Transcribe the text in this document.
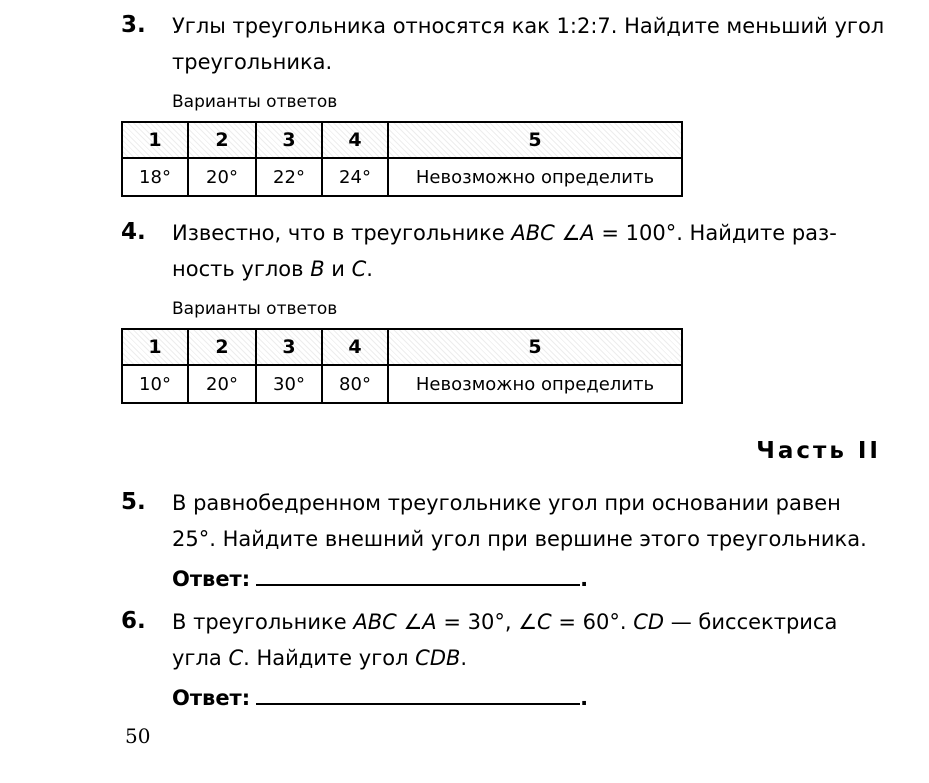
3. Углы треугольника относятся как 1:2:7. Найдите меньший угол
треугольника.
Варианты ответов
1	2	3	4	5
18°	20°	22°	24°	Невозможно определить
4. Известно, что в треугольнике ABC ∠A = 100°. Найдите раз-
ность углов B и C.
Варианты ответов
1	2	3	4	5
10°	20°	30°	80°	Невозможно определить
Часть II
5. В равнобедренном треугольнике угол при основании равен
25°. Найдите внешний угол при вершине этого треугольника.
Ответ:	.
6. В треугольнике ABC ∠A = 30°, ∠C = 60°. CD — биссектриса
угла C. Найдите угол CDB.
Ответ:	.
50
